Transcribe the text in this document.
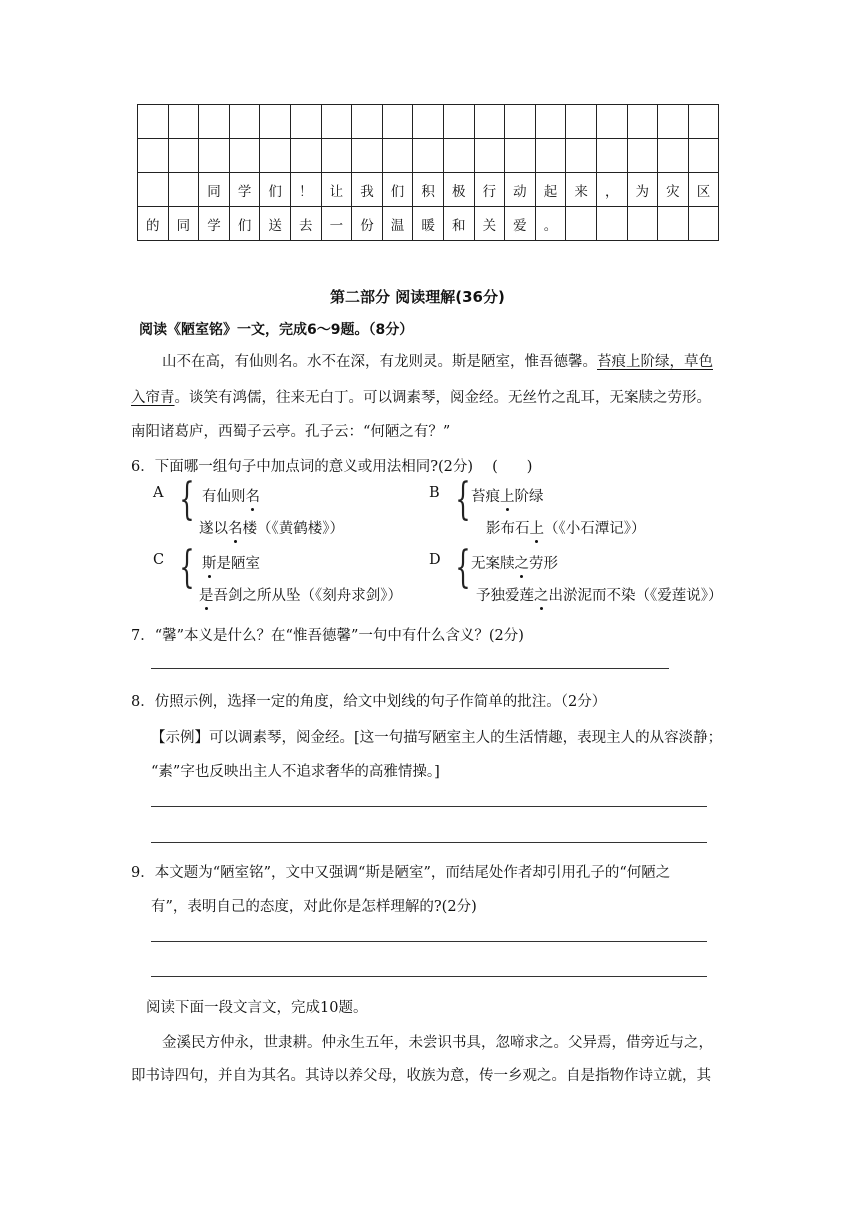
		同	学	们	！	让	我	们	积	极	行	动	起	来	，	为	灾	区
的	同	学	们	送	去	一	份	温	暖	和	关	爱	。					
第二部分 阅读理解(36分)
阅读《陋室铭》一文，完成6～9题。（8分）
山不在高，有仙则名。水不在深，有龙则灵。斯是陋室，惟吾德馨。苔痕上阶绿，草色
入帘青。谈笑有鸿儒，往来无白丁。可以调素琴，阅金经。无丝竹之乱耳，无案牍之劳形。
南阳诸葛庐，西蜀子云亭。孔子云：“何陋之有？”
6．下面哪一组句子中加点词的意义或用法相同?(2分)　 (　　)
A { 有仙则名
遂以名楼（《黄鹤楼》）
B { 苔痕上阶绿
影布石上（《小石潭记》）
C { 斯是陋室
是吾剑之所从坠（《刻舟求剑》）
D { 无案牍之劳形
予独爱莲之出淤泥而不染（《爱莲说》）
7．“馨”本义是什么？在“惟吾德馨”一句中有什么含义？(2分)
8．仿照示例，选择一定的角度，给文中划线的句子作简单的批注。（2分）
【示例】可以调素琴，阅金经。[这一句描写陋室主人的生活情趣，表现主人的从容淡静；
“素”字也反映出主人不追求奢华的高雅情操。]
9．本文题为“陋室铭”，文中又强调“斯是陋室”，而结尾处作者却引用孔子的“何陋之
有”，表明自己的态度，对此你是怎样理解的?(2分)
阅读下面一段文言文，完成10题。
金溪民方仲永，世隶耕。仲永生五年，未尝识书具，忽啼求之。父异焉，借旁近与之，
即书诗四句，并自为其名。其诗以养父母，收族为意，传一乡观之。自是指物作诗立就，其
